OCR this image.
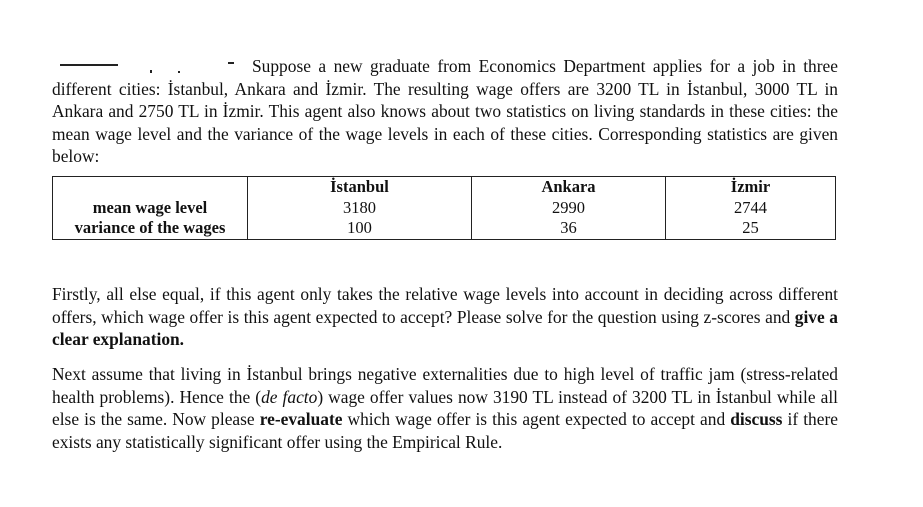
Suppose a new graduate from Economics Department applies for a job in three different cities: İstanbul, Ankara and İzmir. The resulting wage offers are 3200 TL in İstanbul, 3000 TL in Ankara and 2750 TL in İzmir. This agent also knows about two statistics on living standards in these cities: the mean wage level and the variance of the wage levels in each of these cities. Corresponding statistics are given below:

	İstanbul	Ankara	İzmir
mean wage level	3180	2990	2744
variance of the wages	100	36	25

Firstly, all else equal, if this agent only takes the relative wage levels into account in deciding across different offers, which wage offer is this agent expected to accept? Please solve for the question using z-scores and give a clear explanation.

Next assume that living in İstanbul brings negative externalities due to high level of traffic jam (stress-related health problems). Hence the (de facto) wage offer values now 3190 TL instead of 3200 TL in İstanbul while all else is the same. Now please re-evaluate which wage offer is this agent expected to accept and discuss if there exists any statistically significant offer using the Empirical Rule.
